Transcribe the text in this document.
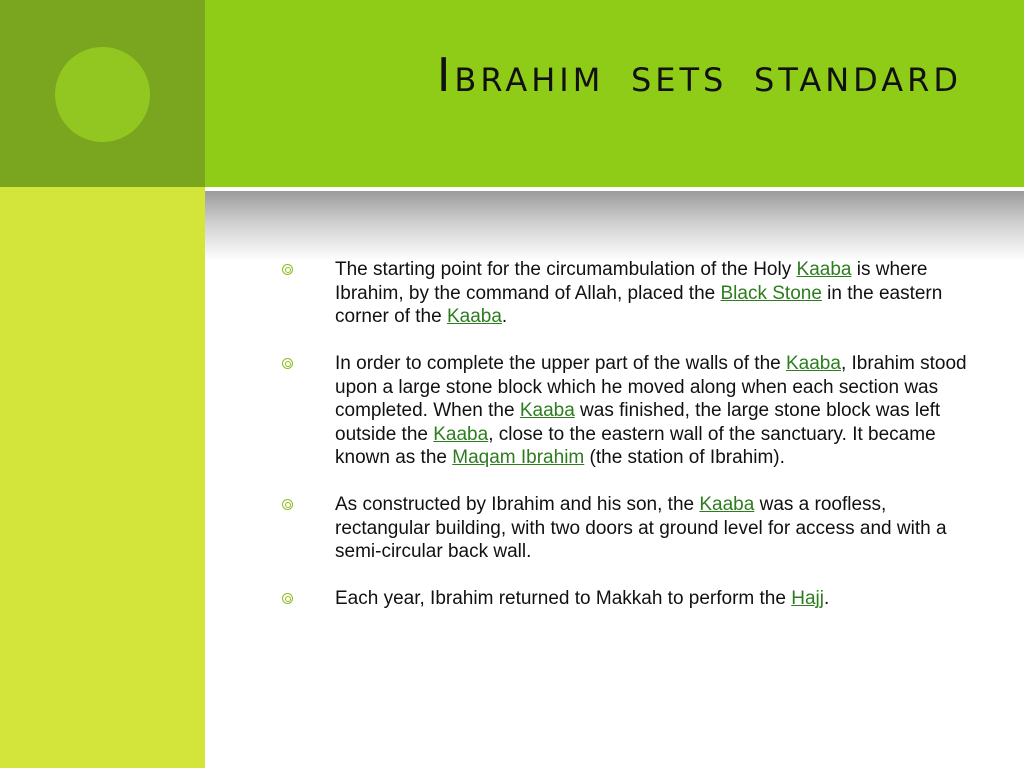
Ibrahim sets standard
The starting point for the circumambulation of the Holy Kaaba is where Ibrahim, by the command of Allah, placed the Black Stone in the eastern corner of the Kaaba.
In order to complete the upper part of the walls of the Kaaba, Ibrahim stood upon a large stone block which he moved along when each section was completed. When the Kaaba was finished, the large stone block was left outside the Kaaba, close to the eastern wall of the sanctuary. It became known as the Maqam Ibrahim (the station of Ibrahim).
As constructed by Ibrahim and his son, the Kaaba was a roofless, rectangular building, with two doors at ground level for access and with a semi-circular back wall.
Each year, Ibrahim returned to Makkah to perform the Hajj.
